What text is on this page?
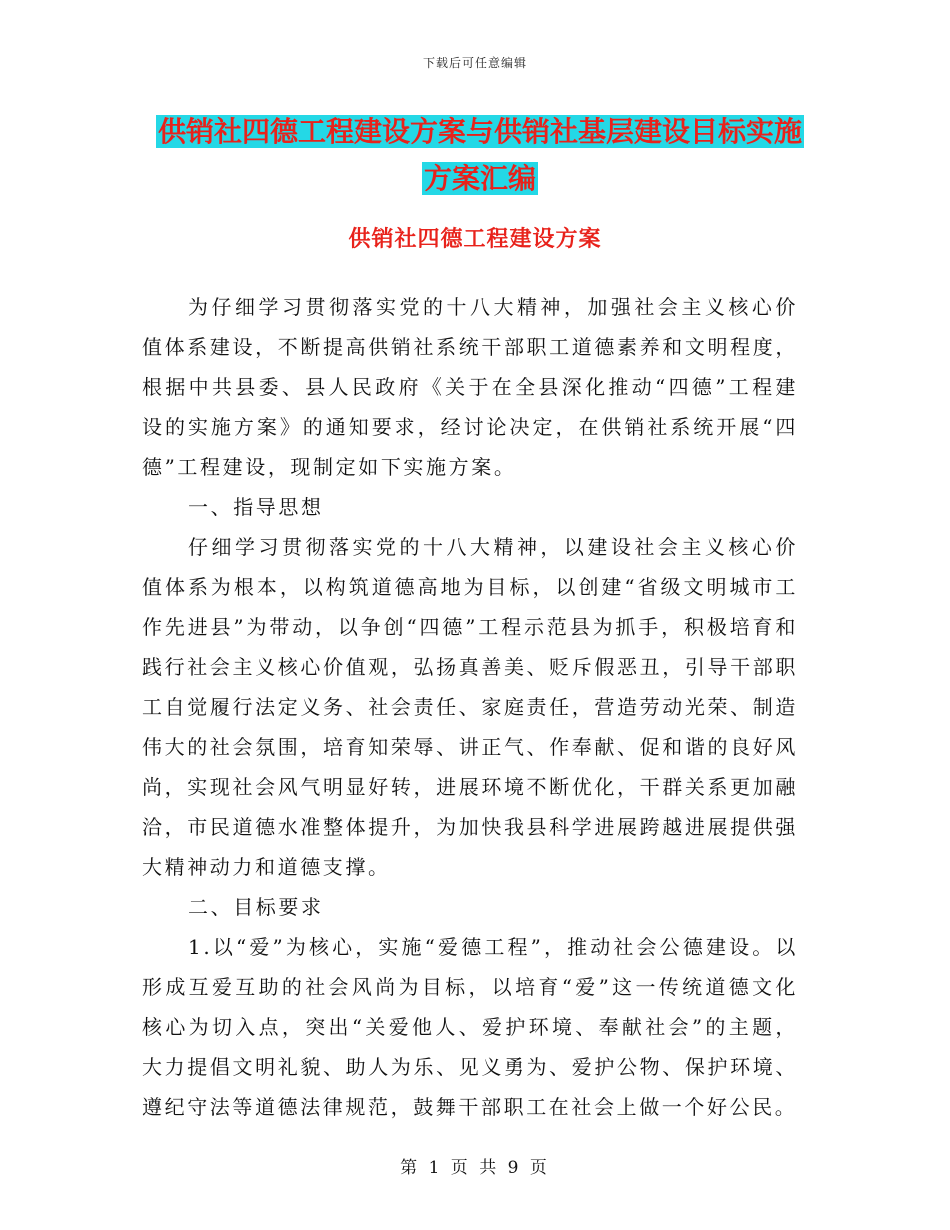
下载后可任意编辑
供销社四德工程建设方案与供销社基层建设目标实施
方案汇编
供销社四德工程建设方案

为仔细学习贯彻落实党的十八大精神，加强社会主义核心价值体系建设，不断提高供销社系统干部职工道德素养和文明程度，根据中共县委、县人民政府《关于在全县深化推动“四德”工程建设的实施方案》的通知要求，经讨论决定，在供销社系统开展“四德”工程建设，现制定如下实施方案。

一、指导思想

仔细学习贯彻落实党的十八大精神，以建设社会主义核心价值体系为根本，以构筑道德高地为目标，以创建“省级文明城市工作先进县”为带动，以争创“四德”工程示范县为抓手，积极培育和践行社会主义核心价值观，弘扬真善美、贬斥假恶丑，引导干部职工自觉履行法定义务、社会责任、家庭责任，营造劳动光荣、制造伟大的社会氛围，培育知荣辱、讲正气、作奉献、促和谐的良好风尚，实现社会风气明显好转，进展环境不断优化，干群关系更加融洽，市民道德水准整体提升，为加快我县科学进展跨越进展提供强大精神动力和道德支撑。

二、目标要求

1.以“爱”为核心，实施“爱德工程”，推动社会公德建设。以形成互爱互助的社会风尚为目标，以培育“爱”这一传统道德文化核心为切入点，突出“关爱他人、爱护环境、奉献社会”的主题，大力提倡文明礼貌、助人为乐、见义勇为、爱护公物、保护环境、遵纪守法等道德法律规范，鼓舞干部职工在社会上做一个好公民。

第 1 页 共 9 页
